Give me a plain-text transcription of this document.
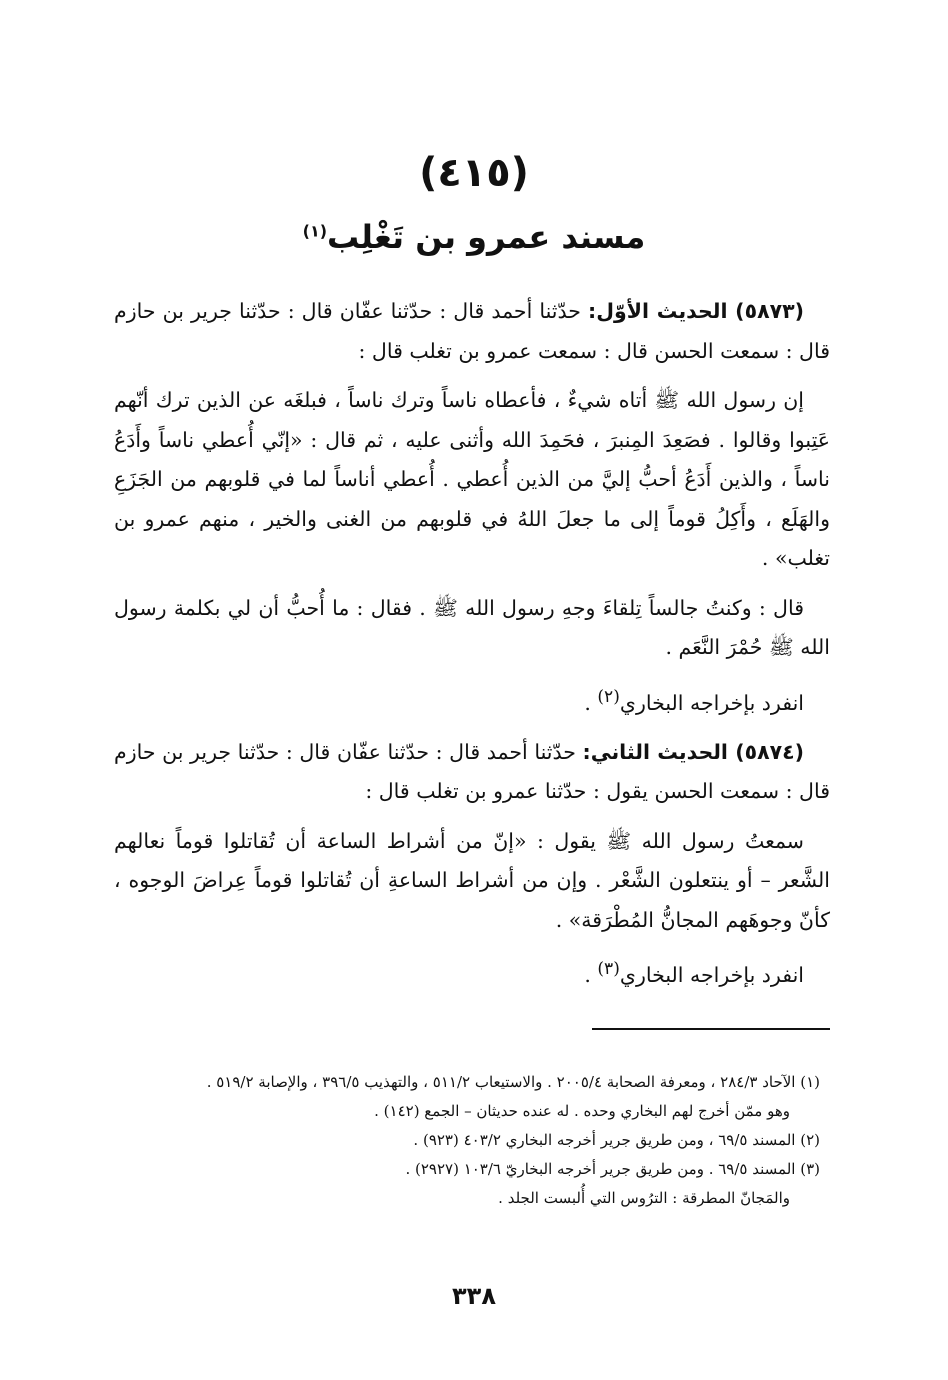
(٤١٥)
مسند عمرو بن تَغْلِب$^{(١)}$

(٥٨٧٣) الحديث الأوّل: حدّثنا أحمد قال : حدّثنا عفّان قال : حدّثنا جرير بن حازم قال : سمعت الحسن قال : سمعت عمرو بن تغلب قال :

إن رسول الله ﷺ أتاه شيءٌ ، فأعطاه ناساً وترك ناساً ، فبلغَه عن الذين ترك أنّهم عَتِبوا وقالوا . فصَعِدَ المِنبرَ ، فحَمِدَ الله وأثنى عليه ، ثم قال : «إنّي أُعطي ناساً وأَدَعُ ناساً ، والذين أَدَعُ أحبُّ إليَّ من الذين أُعطي . أُعطي أناساً لما في قلوبهم من الجَزَعِ والهَلَع ، وأَكِلُ قوماً إلى ما جعلَ اللهُ في قلوبهم من الغنى والخير ، منهم عمرو بن تغلب» .

قال : وكنتُ جالساً تِلقاءَ وجهِ رسول الله ﷺ . فقال : ما أُحبُّ أن لي بكلمة رسول الله ﷺ حُمْرَ النَّعَم .

انفرد بإخراجه البخاري$^{(٢)}$ .

(٥٨٧٤) الحديث الثاني: حدّثنا أحمد قال : حدّثنا عفّان قال : حدّثنا جرير بن حازم قال : سمعت الحسن يقول : حدّثنا عمرو بن تغلب قال :

سمعتُ رسول الله ﷺ يقول : «إنّ من أشراط الساعة أن تُقاتلوا قوماً نعالهم الشَّعر – أو ينتعلون الشَّعْر . وإن من أشراط الساعةِ أن تُقاتلوا قوماً عِراضَ الوجوه ، كأنّ وجوهَهم المجانُّ المُطْرَقة» .

انفرد بإخراجه البخاري$^{(٣)}$ .

(١) الآحاد ٢٨٤/٣ ، ومعرفة الصحابة ٢٠٠٥/٤ . والاستيعاب ٥١١/٢ ، والتهذيب ٣٩٦/٥ ، والإصابة ٥١٩/٢ .

وهو ممّن أخرج لهم البخاري وحده . له عنده حديثان – الجمع (١٤٢) .

(٢) المسند ٦٩/٥ ، ومن طريق جرير أخرجه البخاري ٤٠٣/٢ (٩٢٣) .

(٣) المسند ٦٩/٥ . ومن طريق جرير أخرجه البخاريّ ١٠٣/٦ (٢٩٢٧) .

والمَجانّ المطرقة : الترُوس التي أُلبست الجلد .

٣٣٨
